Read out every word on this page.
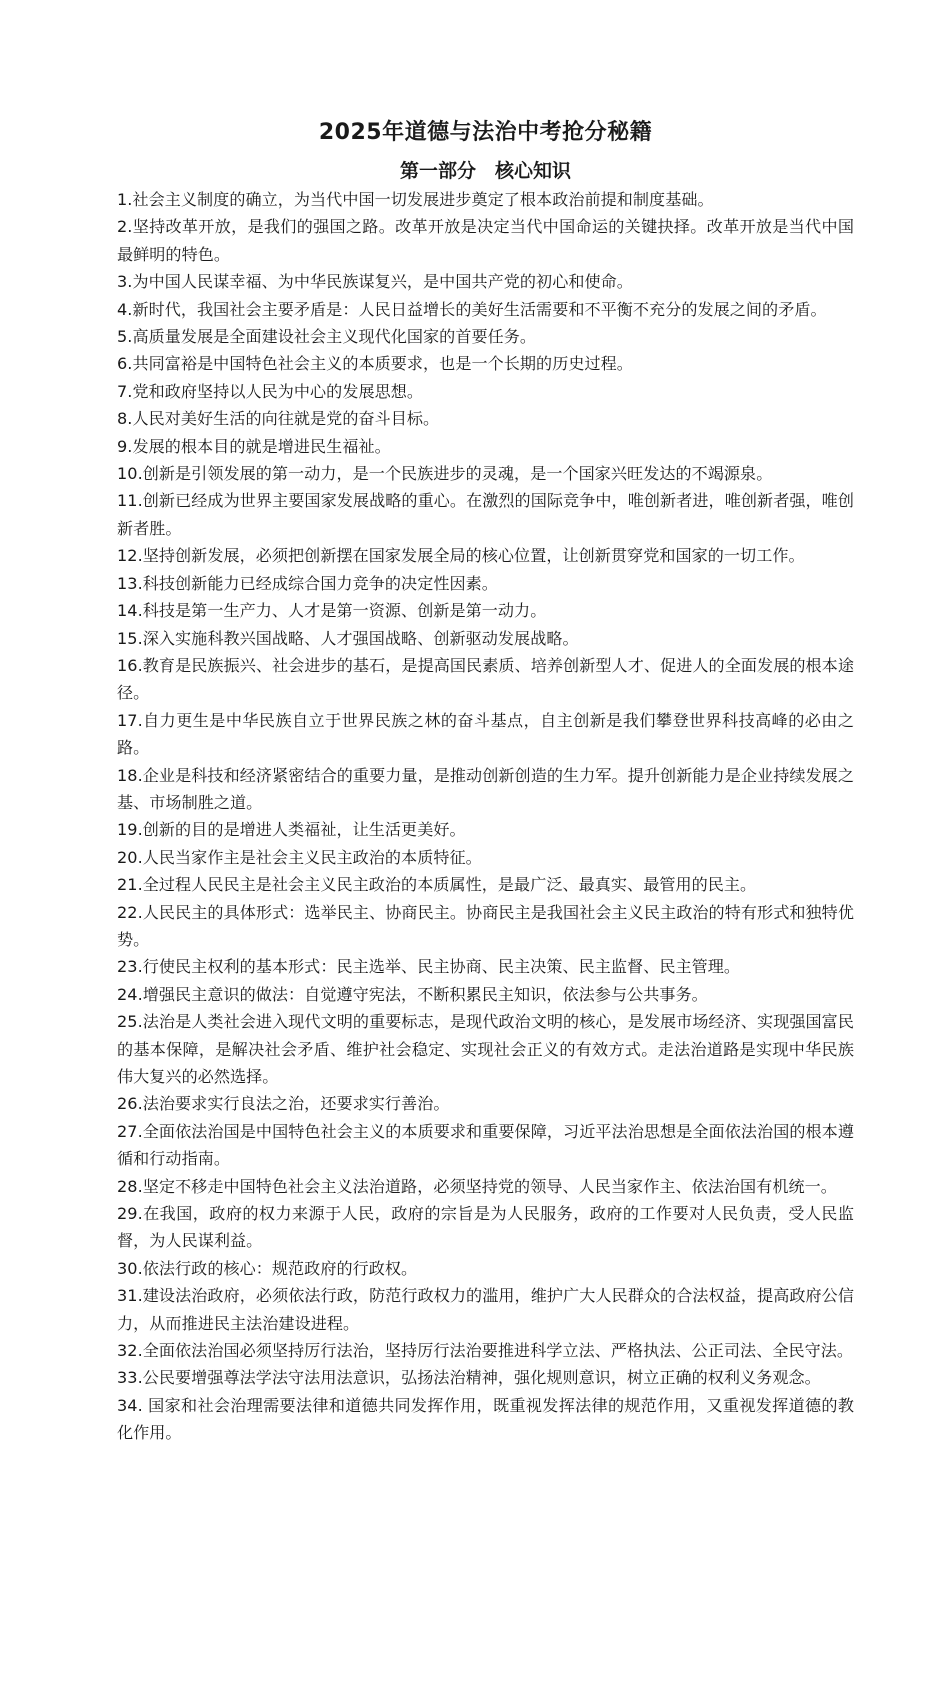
2025年道德与法治中考抢分秘籍
第一部分　核心知识
1.社会主义制度的确立，为当代中国一切发展进步奠定了根本政治前提和制度基础。
2.坚持改革开放，是我们的强国之路。改革开放是决定当代中国命运的关键抉择。改革开放是当代中国最鲜明的特色。
3.为中国人民谋幸福、为中华民族谋复兴，是中国共产党的初心和使命。
4.新时代，我国社会主要矛盾是：人民日益增长的美好生活需要和不平衡不充分的发展之间的矛盾。
5.高质量发展是全面建设社会主义现代化国家的首要任务。
6.共同富裕是中国特色社会主义的本质要求，也是一个长期的历史过程。
7.党和政府坚持以人民为中心的发展思想。
8.人民对美好生活的向往就是党的奋斗目标。
9.发展的根本目的就是增进民生福祉。
10.创新是引领发展的第一动力，是一个民族进步的灵魂，是一个国家兴旺发达的不竭源泉。
11.创新已经成为世界主要国家发展战略的重心。在激烈的国际竞争中，唯创新者进，唯创新者强，唯创新者胜。
12.坚持创新发展，必须把创新摆在国家发展全局的核心位置，让创新贯穿党和国家的一切工作。
13.科技创新能力已经成综合国力竞争的决定性因素。
14.科技是第一生产力、人才是第一资源、创新是第一动力。
15.深入实施科教兴国战略、人才强国战略、创新驱动发展战略。
16.教育是民族振兴、社会进步的基石，是提高国民素质、培养创新型人才、促进人的全面发展的根本途径。
17.自力更生是中华民族自立于世界民族之林的奋斗基点，自主创新是我们攀登世界科技高峰的必由之路。
18.企业是科技和经济紧密结合的重要力量，是推动创新创造的生力军。提升创新能力是企业持续发展之基、市场制胜之道。
19.创新的目的是增进人类福祉，让生活更美好。
20.人民当家作主是社会主义民主政治的本质特征。
21.全过程人民民主是社会主义民主政治的本质属性，是最广泛、最真实、最管用的民主。
22.人民民主的具体形式：选举民主、协商民主。协商民主是我国社会主义民主政治的特有形式和独特优势。
23.行使民主权利的基本形式：民主选举、民主协商、民主决策、民主监督、民主管理。
24.增强民主意识的做法：自觉遵守宪法，不断积累民主知识，依法参与公共事务。
25.法治是人类社会进入现代文明的重要标志，是现代政治文明的核心，是发展市场经济、实现强国富民的基本保障，是解决社会矛盾、维护社会稳定、实现社会正义的有效方式。走法治道路是实现中华民族伟大复兴的必然选择。
26.法治要求实行良法之治，还要求实行善治。
27.全面依法治国是中国特色社会主义的本质要求和重要保障，习近平法治思想是全面依法治国的根本遵循和行动指南。
28.坚定不移走中国特色社会主义法治道路，必须坚持党的领导、人民当家作主、依法治国有机统一。
29.在我国，政府的权力来源于人民，政府的宗旨是为人民服务，政府的工作要对人民负责，受人民监督，为人民谋利益。
30.依法行政的核心：规范政府的行政权。
31.建设法治政府，必须依法行政，防范行政权力的滥用，维护广大人民群众的合法权益，提高政府公信力，从而推进民主法治建设进程。
32.全面依法治国必须坚持厉行法治，坚持厉行法治要推进科学立法、严格执法、公正司法、全民守法。
33.公民要增强尊法学法守法用法意识，弘扬法治精神，强化规则意识，树立正确的权利义务观念。
34. 国家和社会治理需要法律和道德共同发挥作用，既重视发挥法律的规范作用，又重视发挥道德的教化作用。
